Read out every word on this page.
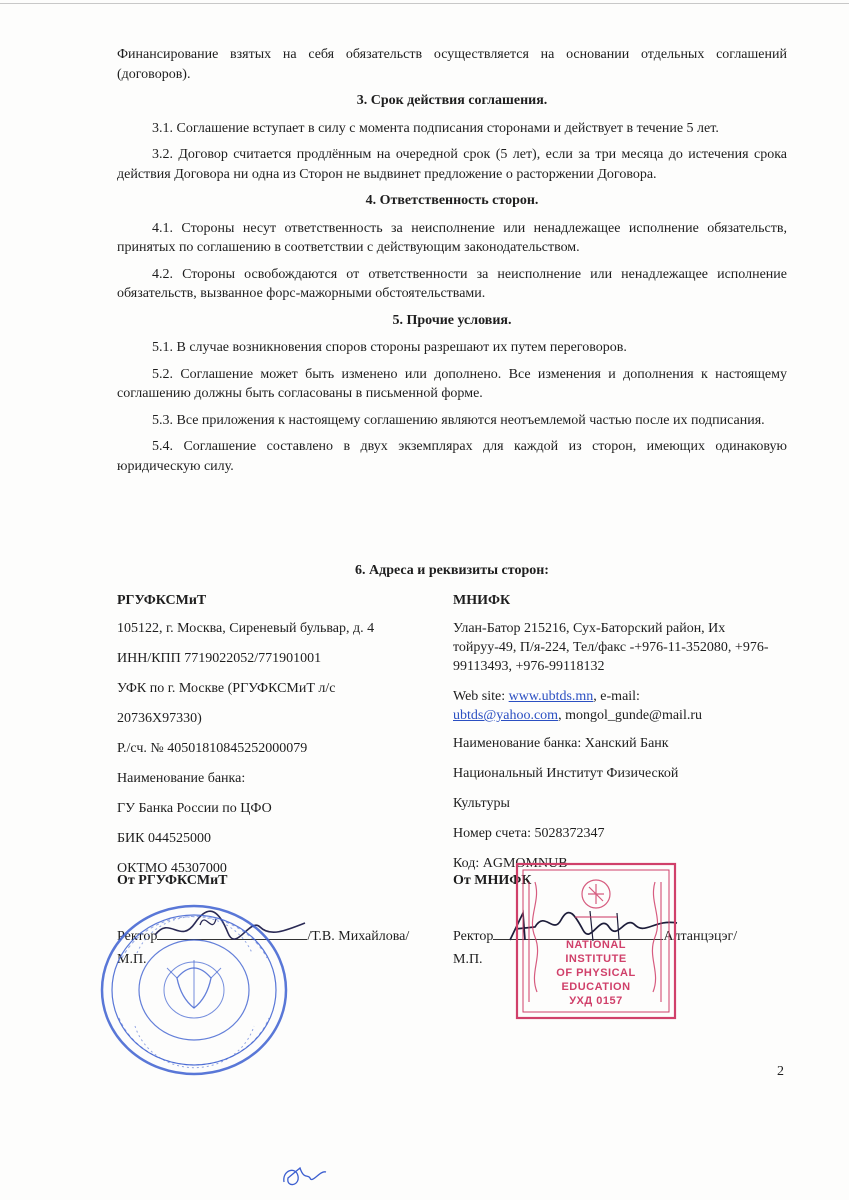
Финансирование взятых на себя обязательств осуществляется на основании отдельных соглашений (договоров).

3. Срок действия соглашения.

3.1. Соглашение вступает в силу с момента подписания сторонами и действует в течение 5 лет.

3.2. Договор считается продлённым на очередной срок (5 лет), если за три месяца до истечения срока действия Договора ни одна из Сторон не выдвинет предложение о расторжении Договора.

4. Ответственность сторон.

4.1. Стороны несут ответственность за неисполнение или ненадлежащее исполнение обязательств, принятых по соглашению в соответствии с действующим законодательством.

4.2. Стороны освобождаются от ответственности за неисполнение или ненадлежащее исполнение обязательств, вызванное форс-мажорными обстоятельствами.

5. Прочие условия.

5.1. В случае возникновения споров стороны разрешают их путем переговоров.

5.2. Соглашение может быть изменено или дополнено. Все изменения и дополнения к настоящему соглашению должны быть согласованы в письменной форме.

5.3. Все приложения к настоящему соглашению являются неотъемлемой частью после их подписания.

5.4. Соглашение составлено в двух экземплярах для каждой из сторон, имеющих одинаковую юридическую силу.

6. Адреса и реквизиты сторон:
РГУФКСМиТ
105122, г. Москва, Сиреневый бульвар, д. 4
ИНН/КПП 7719022052/771901001
УФК по г. Москве (РГУФКСМиТ л/с
20736Х97330)
Р./сч. № 40501810845252000079
Наименование банка:
ГУ Банка России по ЦФО
БИК 044525000
ОКТМО 45307000
МНИФК
Улан-Батор 215216, Сух-Баторский район, Их тойруу-49, П/я-224, Тел/факс -+976-11-352080, +976-99113493, +976-99118132
Web site: www.ubtds.mn, e-mail:
ubtds@yahoo.com, mongol_gunde@mail.ru
Наименование банка: Ханский Банк
Национальный Институт Физической
Культуры
Номер счета: 5028372347
Код: AGMOMNUB
От РГУФКСМиТ
Ректор	/Т.В. Михайлова/
М.П.
От МНИФК
Ректор	Алтанцэцэг/
М.П.
NATIONAL
INSTITUTE
OF PHYSICAL
EDUCATION
УХД 0157
2
